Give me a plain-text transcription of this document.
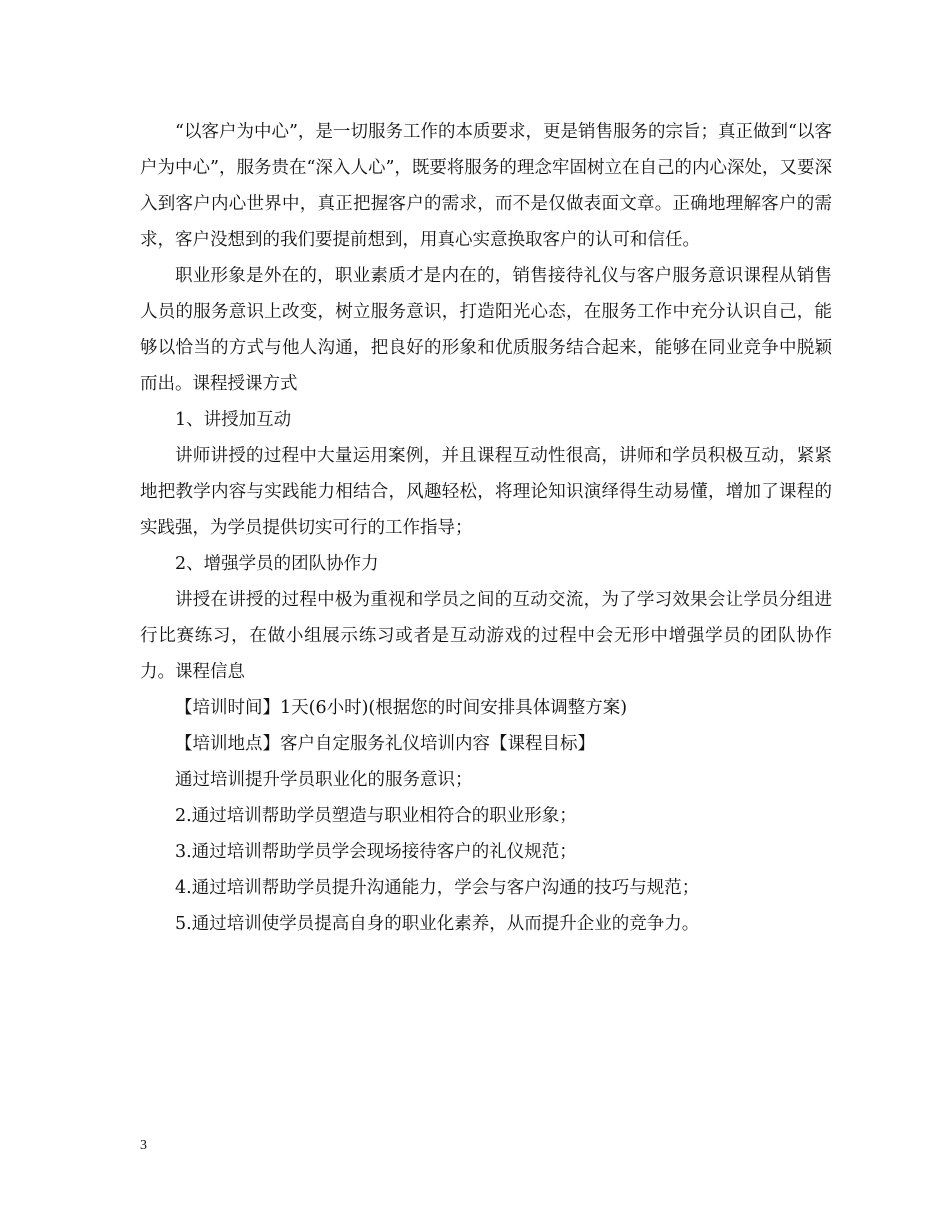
“以客户为中心”，是一切服务工作的本质要求，更是销售服务的宗旨；真正做到“以客户为中心”，服务贵在“深入人心”，既要将服务的理念牢固树立在自己的内心深处，又要深入到客户内心世界中，真正把握客户的需求，而不是仅做表面文章。正确地理解客户的需求，客户没想到的我们要提前想到，用真心实意换取客户的认可和信任。

职业形象是外在的，职业素质才是内在的，销售接待礼仪与客户服务意识课程从销售人员的服务意识上改变，树立服务意识，打造阳光心态，在服务工作中充分认识自己，能够以恰当的方式与他人沟通，把良好的形象和优质服务结合起来，能够在同业竞争中脱颖而出。课程授课方式

1、讲授加互动

讲师讲授的过程中大量运用案例，并且课程互动性很高，讲师和学员积极互动，紧紧地把教学内容与实践能力相结合，风趣轻松，将理论知识演绎得生动易懂，增加了课程的实践强，为学员提供切实可行的工作指导；

2、增强学员的团队协作力

讲授在讲授的过程中极为重视和学员之间的互动交流，为了学习效果会让学员分组进行比赛练习，在做小组展示练习或者是互动游戏的过程中会无形中增强学员的团队协作力。课程信息

【培训时间】1天(6小时)(根据您的时间安排具体调整方案)

【培训地点】客户自定服务礼仪培训内容【课程目标】

通过培训提升学员职业化的服务意识；

2.通过培训帮助学员塑造与职业相符合的职业形象；

3.通过培训帮助学员学会现场接待客户的礼仪规范；

4.通过培训帮助学员提升沟通能力，学会与客户沟通的技巧与规范；

5.通过培训使学员提高自身的职业化素养，从而提升企业的竞争力。

3
